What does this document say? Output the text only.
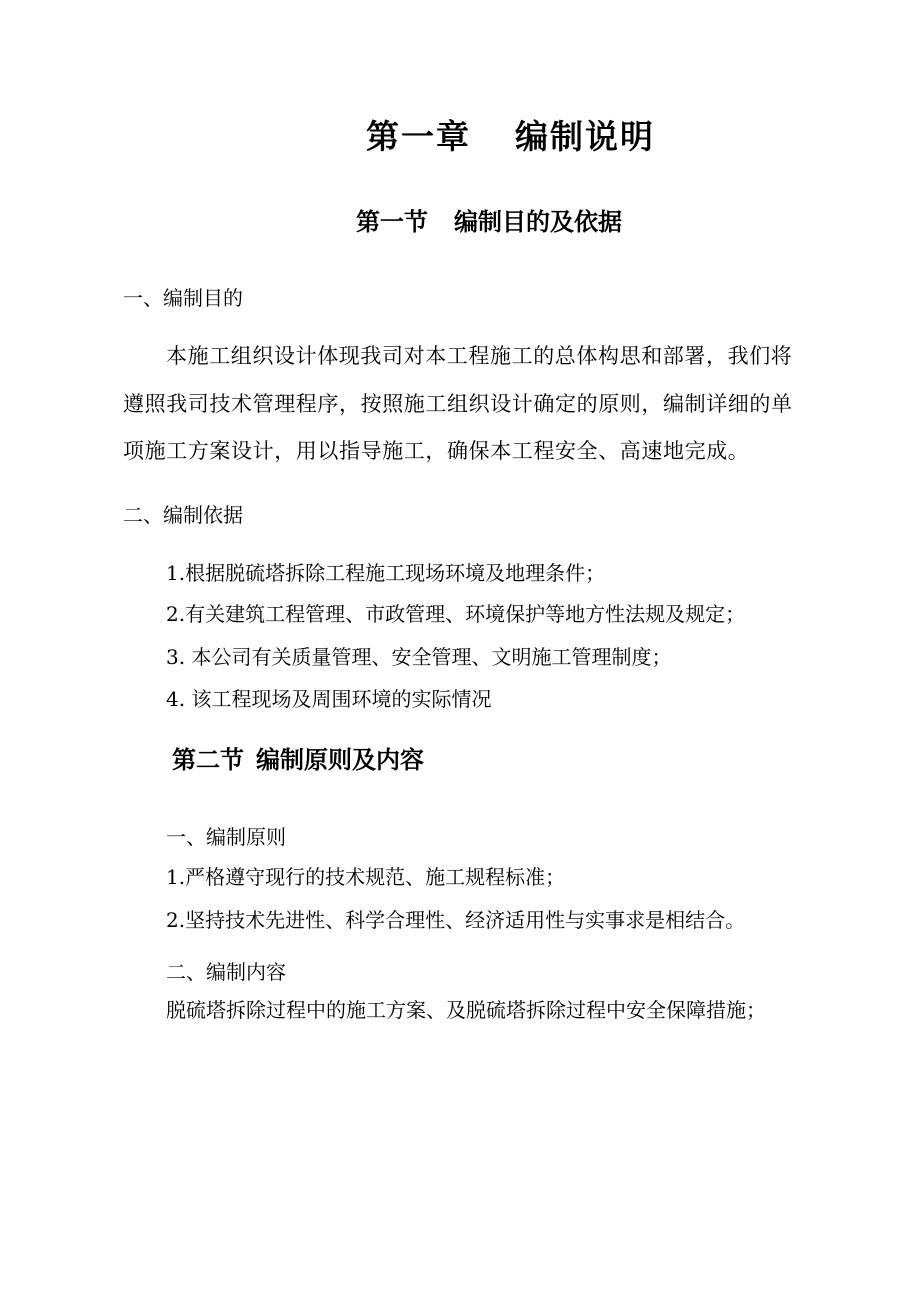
第一章 编制说明
第一节 编制目的及依据
一、编制目的
本施工组织设计体现我司对本工程施工的总体构思和部署，我们将
遵照我司技术管理程序，按照施工组织设计确定的原则，编制详细的单
项施工方案设计，用以指导施工，确保本工程安全、高速地完成。
二、编制依据
1.根据脱硫塔拆除工程施工现场环境及地理条件；
2.有关建筑工程管理、市政管理、环境保护等地方性法规及规定；
3. 本公司有关质量管理、安全管理、文明施工管理制度；
4. 该工程现场及周围环境的实际情况
第二节 编制原则及内容
一、编制原则
1.严格遵守现行的技术规范、施工规程标准；
2.坚持技术先进性、科学合理性、经济适用性与实事求是相结合。
二、编制内容
脱硫塔拆除过程中的施工方案、及脱硫塔拆除过程中安全保障措施；
